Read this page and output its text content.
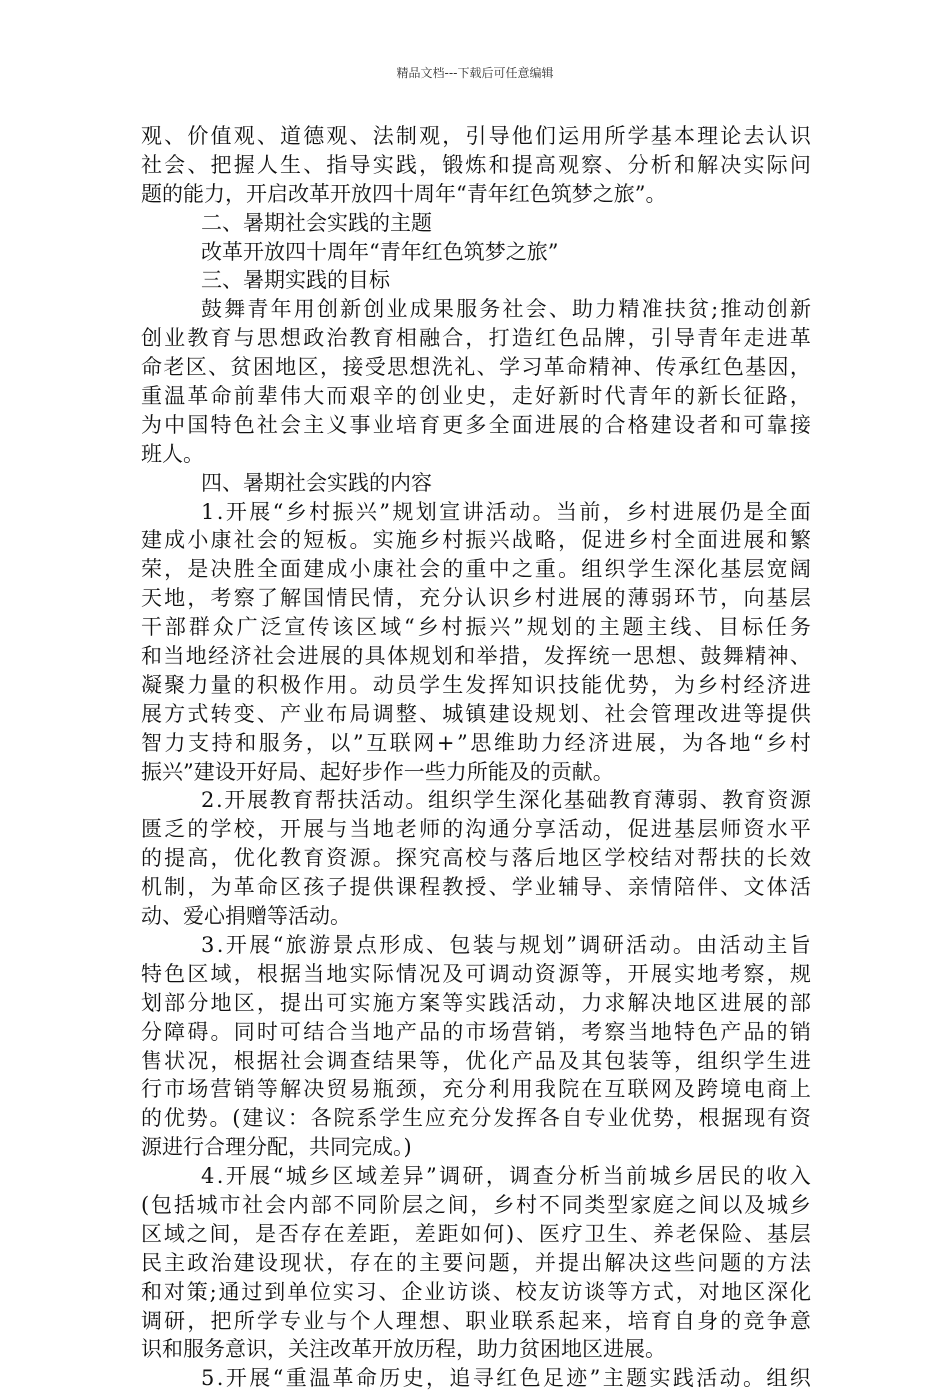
精品文档---下载后可任意编辑
观 、 价 值 观 、 道 德 观 、 法 制 观 ， 引 导 他 们 运 用 所 学 基 本 理 论 去 认 识
社 会 、 把 握 人 生 、 指 导 实 践 ， 锻 炼 和 提 高 观 察 、 分 析 和 解 决 实 际 问
题的能力，开启改革开放四十周年“青年红色筑梦之旅”。
二、暑期社会实践的主题
改革开放四十周年“青年红色筑梦之旅”
三、暑期实践的目标
鼓 舞 青 年 用 创 新 创 业 成 果 服 务 社 会 、 助 力 精 准 扶 贫 ; 推 动 创 新
创 业 教 育 与 思 想 政 治 教 育 相 融 合 ， 打 造 红 色 品 牌 ， 引 导 青 年 走 进 革
命 老 区 、 贫 困 地 区 ， 接 受 思 想 洗 礼 、 学 习 革 命 精 神 、 传 承 红 色 基 因 ，
重 温 革 命 前 辈 伟 大 而 艰 辛 的 创 业 史 ， 走 好 新 时 代 青 年 的 新 长 征 路 ，
为 中 国 特 色 社 会 主 义 事 业 培 育 更 多 全 面 进 展 的 合 格 建 设 者 和 可 靠 接
班人。
四、暑期社会实践的内容
1 . 开 展 “ 乡 村 振 兴 ” 规 划 宣 讲 活 动 。 当 前 ， 乡 村 进 展 仍 是 全 面
建 成 小 康 社 会 的 短 板 。 实 施 乡 村 振 兴 战 略 ， 促 进 乡 村 全 面 进 展 和 繁
荣 ， 是 决 胜 全 面 建 成 小 康 社 会 的 重 中 之 重 。 组 织 学 生 深 化 基 层 宽 阔
天 地 ， 考 察 了 解 国 情 民 情 ， 充 分 认 识 乡 村 进 展 的 薄 弱 环 节 ， 向 基 层
干 部 群 众 广 泛 宣 传 该 区 域 “ 乡 村 振 兴 ” 规 划 的 主 题 主 线 、 目 标 任 务
和 当 地 经 济 社 会 进 展 的 具 体 规 划 和 举 措 ， 发 挥 统 一 思 想 、 鼓 舞 精 神 、
凝 聚 力 量 的 积 极 作 用 。 动 员 学 生 发 挥 知 识 技 能 优 势 ， 为 乡 村 经 济 进
展 方 式 转 变 、 产 业 布 局 调 整 、 城 镇 建 设 规 划 、 社 会 管 理 改 进 等 提 供
智 力 支 持 和 服 务 ， 以 ” 互 联 网 + ” 思 维 助 力 经 济 进 展 ， 为 各 地 “ 乡 村
振兴”建设开好局、起好步作一些力所能及的贡献。
2 . 开 展 教 育 帮 扶 活 动 。 组 织 学 生 深 化 基 础 教 育 薄 弱 、 教 育 资 源
匮 乏 的 学 校 ， 开 展 与 当 地 老 师 的 沟 通 分 享 活 动 ， 促 进 基 层 师 资 水 平
的 提 高 ， 优 化 教 育 资 源 。 探 究 高 校 与 落 后 地 区 学 校 结 对 帮 扶 的 长 效
机 制 ， 为 革 命 区 孩 子 提 供 课 程 教 授 、 学 业 辅 导 、 亲 情 陪 伴 、 文 体 活
动、爱心捐赠等活动。
3 . 开 展 “ 旅 游 景 点 形 成 、 包 装 与 规 划 ” 调 研 活 动 。 由 活 动 主 旨
特 色 区 域 ， 根 据 当 地 实 际 情 况 及 可 调 动 资 源 等 ， 开 展 实 地 考 察 ， 规
划 部 分 地 区 ， 提 出 可 实 施 方 案 等 实 践 活 动 ， 力 求 解 决 地 区 进 展 的 部
分 障 碍 。 同 时 可 结 合 当 地 产 品 的 市 场 营 销 ， 考 察 当 地 特 色 产 品 的 销
售 状 况 ， 根 据 社 会 调 查 结 果 等 ， 优 化 产 品 及 其 包 装 等 ， 组 织 学 生 进
行 市 场 营 销 等 解 决 贸 易 瓶 颈 ， 充 分 利 用 我 院 在 互 联 网 及 跨 境 电 商 上
的 优 势 。 ( 建 议 ： 各 院 系 学 生 应 充 分 发 挥 各 自 专 业 优 势 ， 根 据 现 有 资
源进行合理分配，共同完成。)
4 . 开 展 “ 城 乡 区 域 差 异 ” 调 研 ， 调 查 分 析 当 前 城 乡 居 民 的 收 入
( 包 括 城 市 社 会 内 部 不 同 阶 层 之 间 ， 乡 村 不 同 类 型 家 庭 之 间 以 及 城 乡
区 域 之 间 ， 是 否 存 在 差 距 ， 差 距 如 何 ) 、 医 疗 卫 生 、 养 老 保 险 、 基 层
民 主 政 治 建 设 现 状 ， 存 在 的 主 要 问 题 ， 并 提 出 解 决 这 些 问 题 的 方 法
和 对 策 ; 通 过 到 单 位 实 习 、 企 业 访 谈 、 校 友 访 谈 等 方 式 ， 对 地 区 深 化
调 研 ， 把 所 学 专 业 与 个 人 理 想 、 职 业 联 系 起 来 ， 培 育 自 身 的 竞 争 意
识和服务意识，关注改革开放历程，助力贫困地区进展。
5 . 开 展 “ 重 温 革 命 历 史 ， 追 寻 红 色 足 迹 ” 主 题 实 践 活 动 。 组 织
